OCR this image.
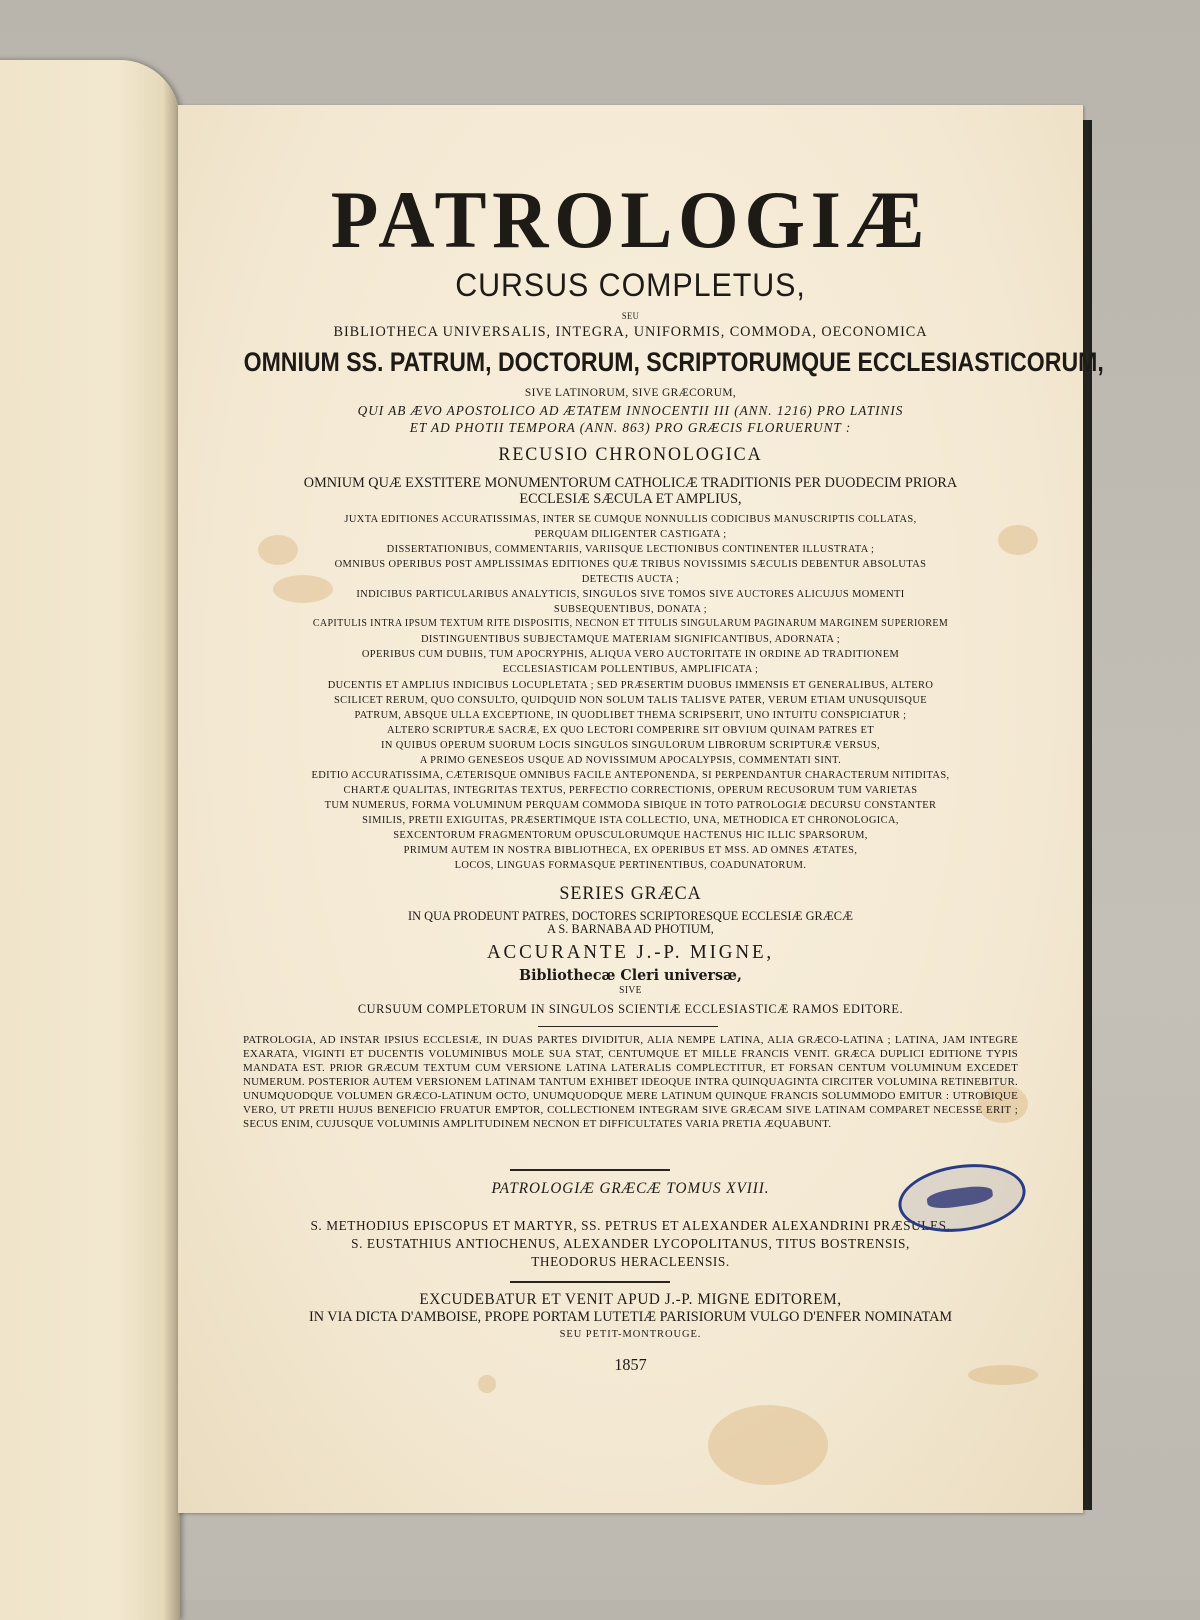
PATROLOGIÆ
CURSUS COMPLETUS,
SEU
BIBLIOTHECA UNIVERSALIS, INTEGRA, UNIFORMIS, COMMODA, OECONOMICA
OMNIUM SS. PATRUM, DOCTORUM, SCRIPTORUMQUE ECCLESIASTICORUM,
SIVE LATINORUM, SIVE GRÆCORUM,
QUI AB ÆVO APOSTOLICO AD ÆTATEM INNOCENTII III (ANN. 1216) PRO LATINIS
ET AD PHOTII TEMPORA (ANN. 863) PRO GRÆCIS FLORUERUNT :
RECUSIO CHRONOLOGICA
OMNIUM QUÆ EXSTITERE MONUMENTORUM CATHOLICÆ TRADITIONIS PER DUODECIM PRIORA
ECCLESIÆ SÆCULA ET AMPLIUS,
JUXTA EDITIONES ACCURATISSIMAS, INTER SE CUMQUE NONNULLIS CODICIBUS MANUSCRIPTIS COLLATAS,
PERQUAM DILIGENTER CASTIGATA ;
DISSERTATIONIBUS, COMMENTARIIS, VARIISQUE LECTIONIBUS CONTINENTER ILLUSTRATA ;
OMNIBUS OPERIBUS POST AMPLISSIMAS EDITIONES QUÆ TRIBUS NOVISSIMIS SÆCULIS DEBENTUR ABSOLUTAS
DETECTIS AUCTA ;
INDICIBUS PARTICULARIBUS ANALYTICIS, SINGULOS SIVE TOMOS SIVE AUCTORES ALICUJUS MOMENTI
SUBSEQUENTIBUS, DONATA ;
CAPITULIS INTRA IPSUM TEXTUM RITE DISPOSITIS, NECNON ET TITULIS SINGULARUM PAGINARUM MARGINEM SUPERIOREM
DISTINGUENTIBUS SUBJECTAMQUE MATERIAM SIGNIFICANTIBUS, ADORNATA ;
OPERIBUS CUM DUBIIS, TUM APOCRYPHIS, ALIQUA VERO AUCTORITATE IN ORDINE AD TRADITIONEM
ECCLESIASTICAM POLLENTIBUS, AMPLIFICATA ;
DUCENTIS ET AMPLIUS INDICIBUS LOCUPLETATA ; SED PRÆSERTIM DUOBUS IMMENSIS ET GENERALIBUS, ALTERO
SCILICET RERUM, QUO CONSULTO, QUIDQUID NON SOLUM TALIS TALISVE PATER, VERUM ETIAM UNUSQUISQUE
PATRUM, ABSQUE ULLA EXCEPTIONE, IN QUODLIBET THEMA SCRIPSERIT, UNO INTUITU CONSPICIATUR ;
ALTERO SCRIPTURÆ SACRÆ, EX QUO LECTORI COMPERIRE SIT OBVIUM QUINAM PATRES ET
IN QUIBUS OPERUM SUORUM LOCIS SINGULOS SINGULORUM LIBRORUM SCRIPTURÆ VERSUS,
A PRIMO GENESEOS USQUE AD NOVISSIMUM APOCALYPSIS, COMMENTATI SINT.
EDITIO ACCURATISSIMA, CÆTERISQUE OMNIBUS FACILE ANTEPONENDA, SI PERPENDANTUR CHARACTERUM NITIDITAS,
CHARTÆ QUALITAS, INTEGRITAS TEXTUS, PERFECTIO CORRECTIONIS, OPERUM RECUSORUM TUM VARIETAS
TUM NUMERUS, FORMA VOLUMINUM PERQUAM COMMODA SIBIQUE IN TOTO PATROLOGIÆ DECURSU CONSTANTER
SIMILIS, PRETII EXIGUITAS, PRÆSERTIMQUE ISTA COLLECTIO, UNA, METHODICA ET CHRONOLOGICA,
SEXCENTORUM FRAGMENTORUM OPUSCULORUMQUE HACTENUS HIC ILLIC SPARSORUM,
PRIMUM AUTEM IN NOSTRA BIBLIOTHECA, EX OPERIBUS ET MSS. AD OMNES ÆTATES,
LOCOS, LINGUAS FORMASQUE PERTINENTIBUS, COADUNATORUM.
SERIES GRÆCA
IN QUA PRODEUNT PATRES, DOCTORES SCRIPTORESQUE ECCLESIÆ GRÆCÆ
A S. BARNABA AD PHOTIUM,
ACCURANTE J.-P. MIGNE,
Bibliothecæ Cleri universæ,
SIVE
CURSUUM COMPLETORUM IN SINGULOS SCIENTIÆ ECCLESIASTICÆ RAMOS EDITORE.
PATROLOGIA, AD INSTAR IPSIUS ECCLESIÆ, IN DUAS PARTES DIVIDITUR, ALIA NEMPE LATINA, ALIA GRÆCO-LATINA ; LATINA, JAM INTEGRE EXARATA, VIGINTI ET DUCENTIS VOLUMINIBUS MOLE SUA STAT, CENTUMQUE ET MILLE FRANCIS VENIT. GRÆCA DUPLICI EDITIONE TYPIS MANDATA EST. PRIOR GRÆCUM TEXTUM CUM VERSIONE LATINA LATERALIS COMPLECTITUR, ET FORSAN CENTUM VOLUMINUM EXCEDET NUMERUM. POSTERIOR AUTEM VERSIONEM LATINAM TANTUM EXHIBET IDEOQUE INTRA QUINQUAGINTA CIRCITER VOLUMINA RETINEBITUR. UNUMQUODQUE VOLUMEN GRÆCO-LATINUM OCTO, UNUMQUODQUE MERE LATINUM QUINQUE FRANCIS SOLUMMODO EMITUR : UTROBIQUE VERO, UT PRETII HUJUS BENEFICIO FRUATUR EMPTOR, COLLECTIONEM INTEGRAM SIVE GRÆCAM SIVE LATINAM COMPARET NECESSE ERIT ; SECUS ENIM, CUJUSQUE VOLUMINIS AMPLITUDINEM NECNON ET DIFFICULTATES VARIA PRETIA ÆQUABUNT.
PATROLOGIÆ GRÆCÆ TOMUS XVIII.
S. METHODIUS EPISCOPUS ET MARTYR, SS. PETRUS ET ALEXANDER ALEXANDRINI PRÆSULES,
S. EUSTATHIUS ANTIOCHENUS, ALEXANDER LYCOPOLITANUS, TITUS BOSTRENSIS,
THEODORUS HERACLEENSIS.
EXCUDEBATUR ET VENIT APUD J.-P. MIGNE EDITOREM,
IN VIA DICTA D'AMBOISE, PROPE PORTAM LUTETIÆ PARISIORUM VULGO D'ENFER NOMINATAM
SEU PETIT-MONTROUGE.
1857
